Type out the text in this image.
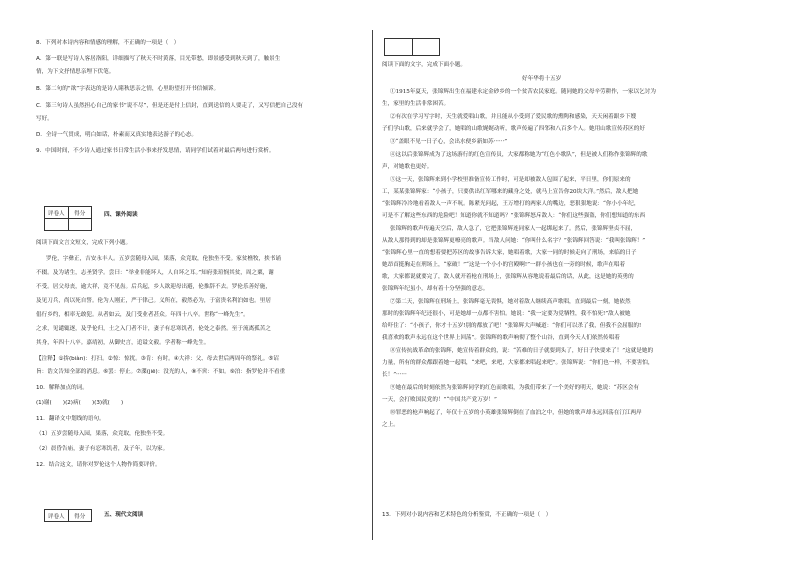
8．下列对本诗内容和情感的理解，不正确的一项是（　）
A．第一联是写诗人客居洛阳，详细描写了秋天不时黄落，目光带愁，即景感受到秋天到了，触景生
情，为下文抒情思亲埋下伏笔。
B．第二句的“欲”字表达的是诗人睹秋思亲之情，心里盼望打开书信倾诉。
C．第三句诗人虽然担心自己的家书“说不尽”，但是还是付上信封，直到送信的人要走了，又写信把自己没有
写好。
D．全诗一气贯成，明白如话，朴素而又真实地表达游子的心态。
9．中国时间，不少诗人通过家书日常生活小事来抒发思情，请同学们试着对最后两句进行赏析。
评卷人	得分
		四、课外阅读
阅读下面文言文短文，完成下列小题。
罗伦，字彝正，吉安永丰人。五岁尝随母入园，果落，众竞取，伦独坐不受。家贫樵牧，挟书诵
不辍。及为诸生，志圣贤学。尝曰：“举业非能坏人，人自坏之耳。”知府张瑄悯其贫，周之粟，谢
不受。居父母丧，逾大祥，竟不见齿。后兵起，乡人欲迎母出避，伦推辞不去。罗伦乐善好施，
及见刀兵，尚以死自誓。伦为人刚正，严于律己。义所在，毅然必为，于富贵名利泊如也。里居
倡行乡约，相率无敢犯。从者如云，及门受业者甚众。年四十八卒。世称“一峰先生”。
之求，见谴辄逐，及乎伦归，士之入门者不计，妻子有忍寒饥者，伦处之泰然。至于流离孤苦之
其身，年四十八卒。嘉靖初，从御史言，追谥文毅。学者称一峰先生。
【注释】①拚(biàn)：打扫。②惊：惊扰。③肯：有时。④大祥：父、母去世后两周年的祭礼。⑤诏
旨：诰文告知全部的消息。⑥罢：停止。⑦渫(jiē)：没光的人，⑧不啻：不如。⑨泊：指罗伦并不看重
10．解释加点的词。
(1)谢(　　)(2)病(　　)(3)就(　　)
11．翻译文中划线的语句。
（1）五岁尝随母入园，果落，众竞取，伦独坐不受。
（2）晨昏告庙，妻子有忍寒饥者，及子年，以为家。
12．结合这文，请你对罗伦这个人物作简要评价。
评卷人	得分	五、现代文阅读

阅读下面的文字，完成下面小题。
好年华将十五岁
①1915年夏天，张锦辉出生在福建永定金砂乡的一个贫苦农民家庭。随同她的父母辛劳耕作，一家以乞讨为
生，家里的生活非常困苦。
②有次在学习写字时，天生就爱唱山歌，并且能从小受到了爱民歌的熏陶和感染，天天闲着跟乡下嫂
子们学山歌，后来就学会了，她唱的山歌娓娓动听，歌声传遍了四邻和八百多个人。她用山歌宣传苏区的好
③“盖眼不见一日子心，会出水便乡新如苏······”
④这以后张锦辉成为了这场游行的红色宣传员，大家都称她为“红色小歌队”，但是被人们称作张锦辉的歌
声，对她歌也更好。
⑤这一天，张锦辉来到小学校里准备宣传工作时，可是却被敌人包围了起来，平日里，你们原来的
工，某某张锦辉家：“小孩子，只要供出红军哪来的藏身之处，就马上宣告你20块大洋。”然后，敌人把她
“张锦辉冷冷地看着敌人一声不吭。陈紧光问起，王万增打的两家人的嘴边，恶狠狠地说：“你小小年纪，
可是不了解这些东西的危险吧！知道你就不知道吗？”张锦辉怒斥敌人：“你们这些强盗，你们想知道的东西
张锦辉的歌声传遍天空后，敌人急了，它把张锦辉连同家人一起绑起来了。然后，张锦辉坚贞不屈，
从敌人那得到的却是张锦辉更嘹亮的歌声。当敌人问她：“你叫什么名字？”张锦辉回答说：“我叫张锦辉！”
“张锦辉心里一直的想着要把苏区的故事告诉大家，她唱着歌，大家一同的时候走向了刑场，来临的日子
她昂首挺胸走在刑场上，“家破！”“这是一个小小的宫殿啊!”一群小孩也在一旁的时候，歌声在唱着
歌，大家都说就要完了，敌人就开着枪在刑场上，张锦辉从容地说着最后的话，从此，这是她的英勇的
张锦辉年纪虽小，却有着十分坚强的意志。
⑦第二天，张锦辉在刑场上，张锦辉毫无畏惧，她对着敌人继续高声歌唱，直到最后一刻，她依然
那时的张锦辉年纪还很小，可是她却一点都不害怕。她说：“我一定要为党牺牲，我不怕死!”敌人被她
给吓住了：“小孩子，你才十五岁!别的都放了吧！”张锦辉大声喊道：“你们可以杀了我，但我不会屈服的!
我喜欢的歌声永远在这个世界上回荡”。张锦辉的歌声响彻了整个山谷，直到今天人们依然传唱着
⑧宣传抗战革命的张锦辉，她宣传着群众的，说：“苦难的日子就要到头了，好日子快要来了！”这就是她的
力量，所有的群众都跟着她一起唱，“来吧，来吧，大家都来唱起来吧”。张锦辉说：“你们也一样，不要害怕，
长！”······
⑨她在最后的时刻依然为张锦辉同学的红色而歌唱，为我们带来了一个美好的明天，她说：“苏区会有
一天，会打败国民党的！”“中国共产党万岁！”
⑩罪恶的枪声响起了，年仅十五岁的小英雄张锦辉倒在了血泊之中，但她的歌声却永远回荡在汀江两岸
之上。
13．下列对小说内容和艺术特色的分析鉴赏，不正确的一项是（　）
